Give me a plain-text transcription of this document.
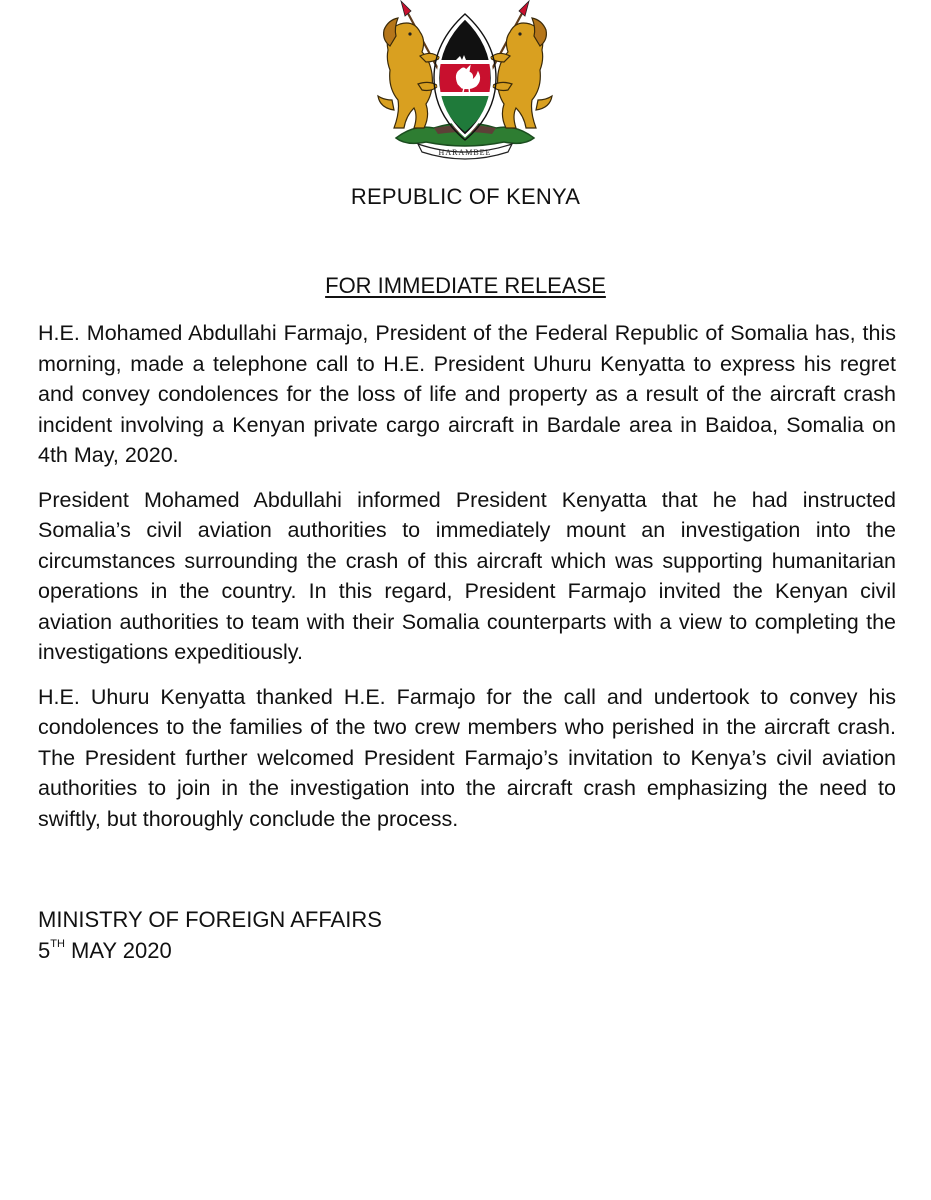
HARAMBEE
REPUBLIC OF KENYA
FOR IMMEDIATE RELEASE

H.E. Mohamed Abdullahi Farmajo, President of the Federal Republic of Somalia has, this morning, made a telephone call to H.E. President Uhuru Kenyatta to express his regret and convey condolences for the loss of life and property as a result of the aircraft crash incident involving a Kenyan private cargo aircraft in Bardale area in Baidoa, Somalia on 4th May, 2020.

President Mohamed Abdullahi informed President Kenyatta that he had instructed Somalia’s civil aviation authorities to immediately mount an investigation into the circumstances surrounding the crash of this aircraft which was supporting humanitarian operations in the country. In this regard, President Farmajo invited the Kenyan civil aviation authorities to team with their Somalia counterparts with a view to completing the investigations expeditiously.

H.E. Uhuru Kenyatta thanked H.E. Farmajo for the call and undertook to convey his condolences to the families of the two crew members who perished in the aircraft crash. The President further welcomed President Farmajo’s invitation to Kenya’s civil aviation authorities to join in the investigation into the aircraft crash emphasizing the need to swiftly, but thoroughly conclude the process.

MINISTRY OF FOREIGN AFFAIRS
5TH MAY 2020
